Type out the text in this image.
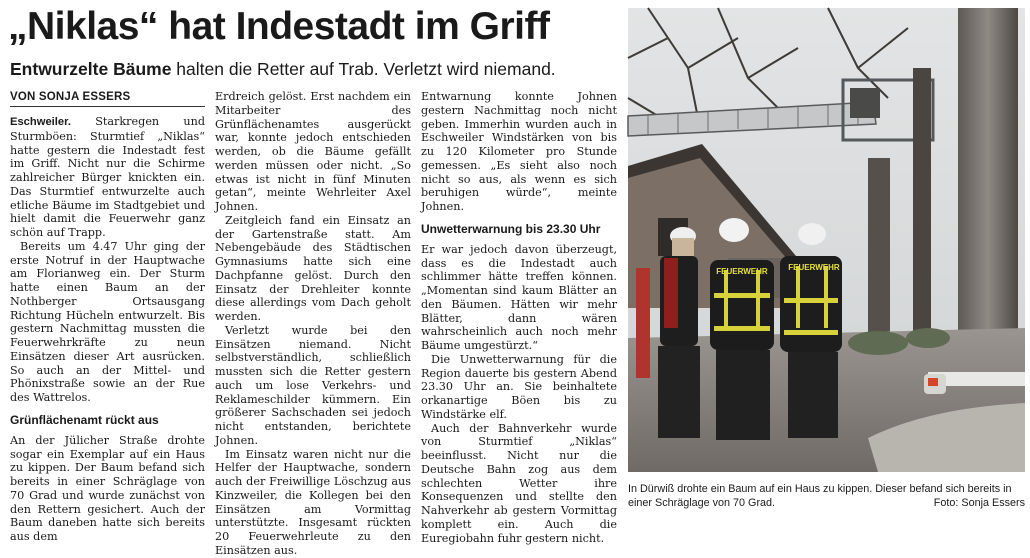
„Niklas“ hat Indestadt im Griff
Entwurzelte Bäume halten die Retter auf Trab. Verletzt wird niemand.
VON SONJA ESSERS

Eschweiler. Starkregen und Sturmböen: Sturmtief „Niklas“ hatte gestern die Indestadt fest im Griff. Nicht nur die Schirme zahlreicher Bürger knickten ein. Das Sturmtief entwurzelte auch etliche Bäume im Stadtgebiet und hielt damit die Feuerwehr ganz schön auf Trapp.

Bereits um 4.47 Uhr ging der erste Notruf in der Hauptwache am Florianweg ein. Der Sturm hatte einen Baum an der Nothberger Ortsausgang Richtung Hücheln entwurzelt. Bis gestern Nachmittag mussten die Feuerwehrkräfte zu neun Einsätzen dieser Art ausrücken. So auch an der Mittel- und Phönixstraße sowie an der Rue des Wattrelos.

Grünflächenamt rückt aus

An der Jülicher Straße drohte sogar ein Exemplar auf ein Haus zu kippen. Der Baum befand sich bereits in einer Schräglage von 70 Grad und wurde zunächst von den Rettern gesichert. Auch der Baum daneben hatte sich bereits aus dem

Erdreich gelöst. Erst nachdem ein Mitarbeiter des Grünflächenamtes ausgerückt war, konnte jedoch entschieden werden, ob die Bäume gefällt werden müssen oder nicht. „So etwas ist nicht in fünf Minuten getan“, meinte Wehrleiter Axel Johnen.

Zeitgleich fand ein Einsatz an der Gartenstraße statt. Am Nebengebäude des Städtischen Gymnasiums hatte sich eine Dachpfanne gelöst. Durch den Einsatz der Drehleiter konnte diese allerdings vom Dach geholt werden.

Verletzt wurde bei den Einsätzen niemand. Nicht selbstverständlich, schließlich mussten sich die Retter gestern auch um lose Verkehrs- und Reklameschilder kümmern. Ein größerer Sachschaden sei jedoch nicht entstanden, berichtete Johnen.

Im Einsatz waren nicht nur die Helfer der Hauptwache, sondern auch der Freiwillige Löschzug aus Kinzweiler, die Kollegen bei den Einsätzen am Vormittag unterstützte. Insgesamt rückten 20 Feuerwehrleute zu den Einsätzen aus.

Entwarnung konnte Johnen gestern Nachmittag noch nicht geben. Immerhin wurden auch in Eschweiler Windstärken von bis zu 120 Kilometer pro Stunde gemessen. „Es sieht also noch nicht so aus, als wenn es sich beruhigen würde“, meinte Johnen.

Unwetterwarnung bis 23.30 Uhr

Er war jedoch davon überzeugt, dass es die Indestadt auch schlimmer hätte treffen können. „Momentan sind kaum Blätter an den Bäumen. Hätten wir mehr Blätter, dann wären wahrscheinlich auch noch mehr Bäume umgestürzt.“

Die Unwetterwarnung für die Region dauerte bis gestern Abend 23.30 Uhr an. Sie beinhaltete orkanartige Böen bis zu Windstärke elf.

Auch der Bahnverkehr wurde von Sturmtief „Niklas“ beeinflusst. Nicht nur die Deutsche Bahn zog aus dem schlechten Wetter ihre Konsequenzen und stellte den Nahverkehr ab gestern Vormittag komplett ein. Auch die Euregiobahn fuhr gestern nicht.

FEUERWEHR	FEUERWEHR
In Dürwiß drohte ein Baum auf ein Haus zu kippen. Dieser befand sich bereits in einer Schräglage von 70 Grad.	Foto: Sonja Essers
